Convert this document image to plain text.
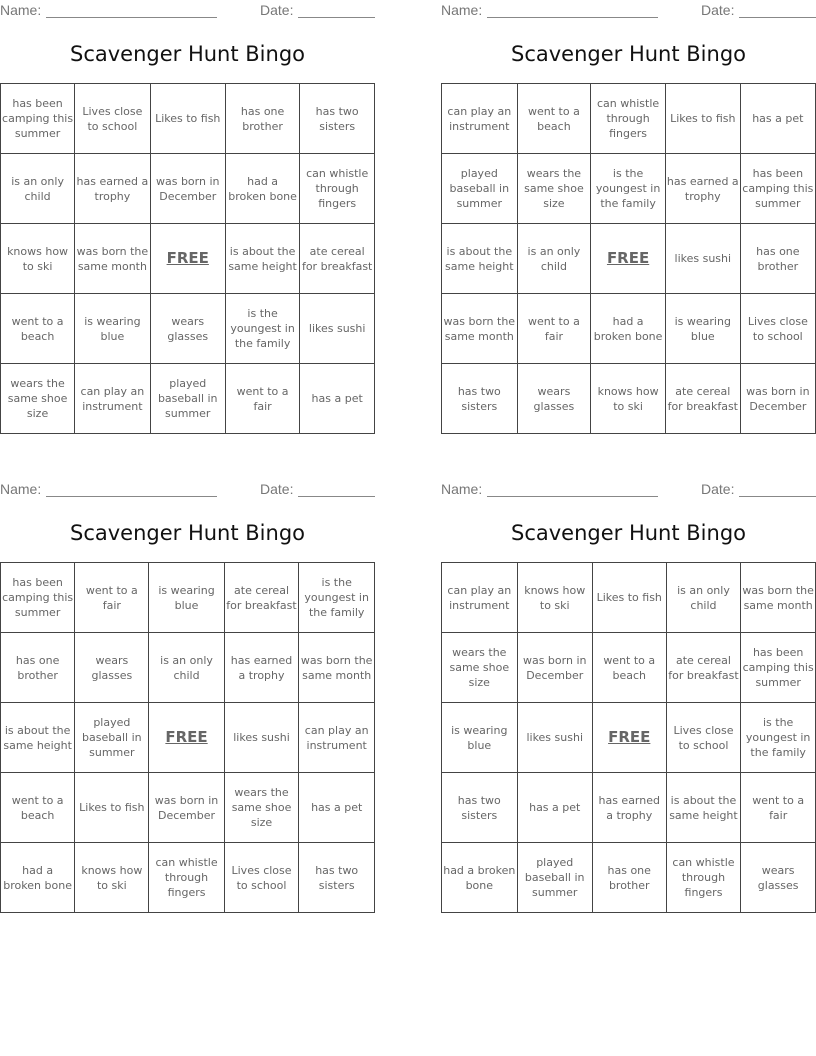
Name:	Date:
Scavenger Hunt Bingo
has been camping this summer	Lives close to school	Likes to fish	has one brother	has two sisters
is an only child	has earned a trophy	was born in December	had a broken bone	can whistle through fingers
knows how to ski	was born the same month	FREE	is about the same height	ate cereal for breakfast
went to a beach	is wearing blue	wears glasses	is the youngest in the family	likes sushi
wears the same shoe size	can play an instrument	played baseball in summer	went to a fair	has a pet
Name:	Date:
Scavenger Hunt Bingo
can play an instrument	went to a beach	can whistle through fingers	Likes to fish	has a pet
played baseball in summer	wears the same shoe size	is the youngest in the family	has earned a trophy	has been camping this summer
is about the same height	is an only child	FREE	likes sushi	has one brother
was born the same month	went to a fair	had a broken bone	is wearing blue	Lives close to school
has two sisters	wears glasses	knows how to ski	ate cereal for breakfast	was born in December
Name:	Date:
Scavenger Hunt Bingo
has been camping this summer	went to a fair	is wearing blue	ate cereal for breakfast	is the youngest in the family
has one brother	wears glasses	is an only child	has earned a trophy	was born the same month
is about the same height	played baseball in summer	FREE	likes sushi	can play an instrument
went to a beach	Likes to fish	was born in December	wears the same shoe size	has a pet
had a broken bone	knows how to ski	can whistle through fingers	Lives close to school	has two sisters
Name:	Date:
Scavenger Hunt Bingo
can play an instrument	knows how to ski	Likes to fish	is an only child	was born the same month
wears the same shoe size	was born in December	went to a beach	ate cereal for breakfast	has been camping this summer
is wearing blue	likes sushi	FREE	Lives close to school	is the youngest in the family
has two sisters	has a pet	has earned a trophy	is about the same height	went to a fair
had a broken bone	played baseball in summer	has one brother	can whistle through fingers	wears glasses
